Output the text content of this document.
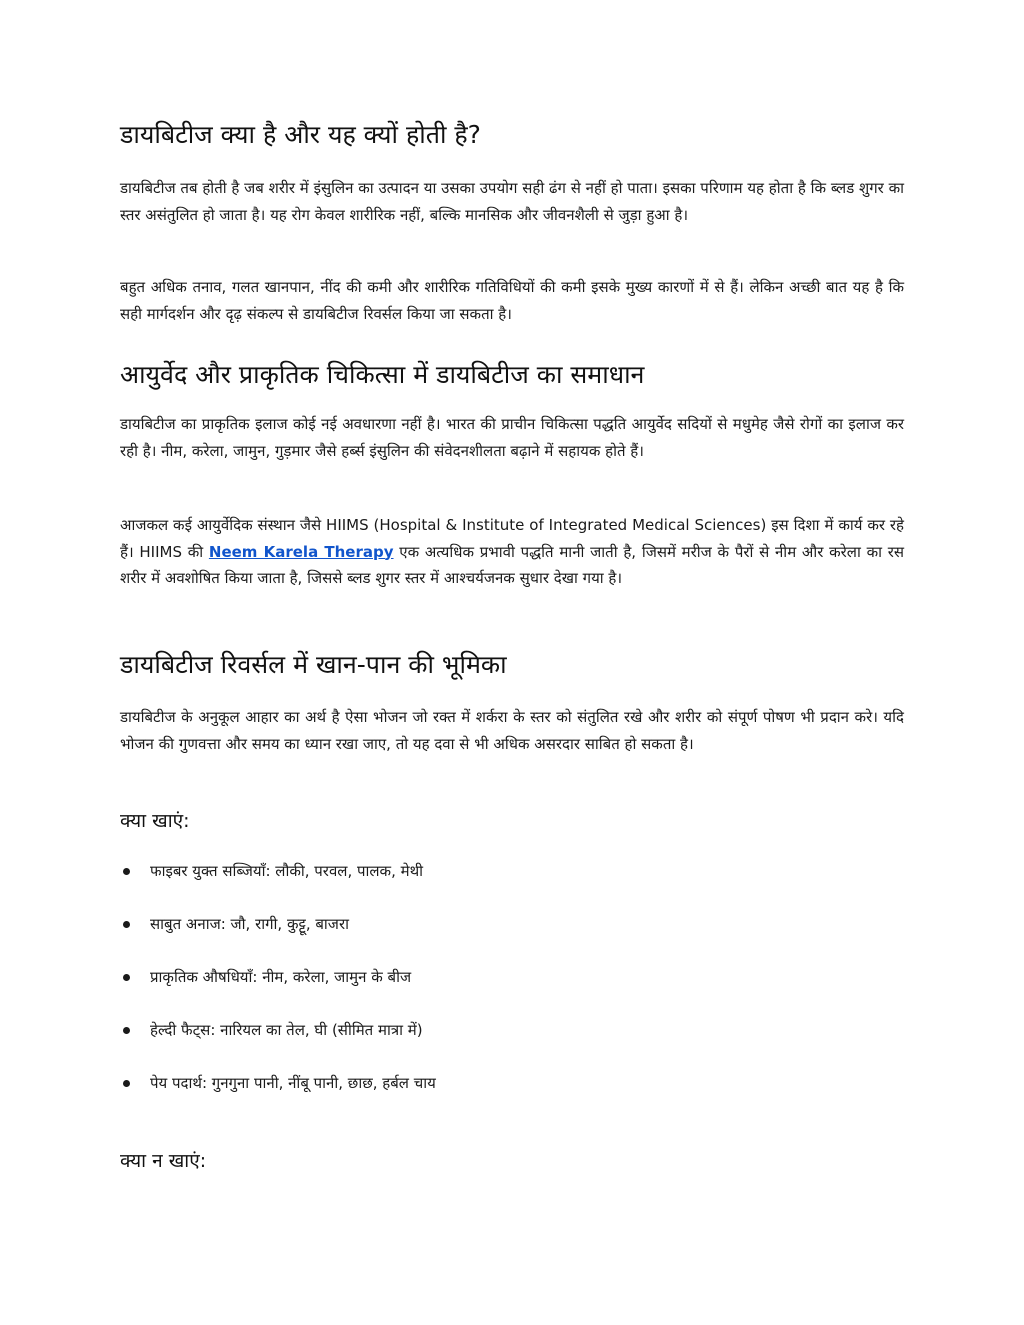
डायबिटीज क्या है और यह क्यों होती है?

डायबिटीज तब होती है जब शरीर में इंसुलिन का उत्पादन या उसका उपयोग सही ढंग से नहीं हो पाता। इसका परिणाम यह होता है कि ब्लड शुगर का स्तर असंतुलित हो जाता है। यह रोग केवल शारीरिक नहीं, बल्कि मानसिक और जीवनशैली से जुड़ा हुआ है।

बहुत अधिक तनाव, गलत खानपान, नींद की कमी और शारीरिक गतिविधियों की कमी इसके मुख्य कारणों में से हैं। लेकिन अच्छी बात यह है कि सही मार्गदर्शन और दृढ़ संकल्प से डायबिटीज रिवर्सल किया जा सकता है।

आयुर्वेद और प्राकृतिक चिकित्सा में डायबिटीज का समाधान

डायबिटीज का प्राकृतिक इलाज कोई नई अवधारणा नहीं है। भारत की प्राचीन चिकित्सा पद्धति आयुर्वेद सदियों से मधुमेह जैसे रोगों का इलाज कर रही है। नीम, करेला, जामुन, गुड़मार जैसे हर्ब्स इंसुलिन की संवेदनशीलता बढ़ाने में सहायक होते हैं।

आजकल कई आयुर्वेदिक संस्थान जैसे HIIMS (Hospital & Institute of Integrated Medical Sciences) इस दिशा में कार्य कर रहे हैं। HIIMS की Neem Karela Therapy एक अत्यधिक प्रभावी पद्धति मानी जाती है, जिसमें मरीज के पैरों से नीम और करेला का रस शरीर में अवशोषित किया जाता है, जिससे ब्लड शुगर स्तर में आश्चर्यजनक सुधार देखा गया है।

डायबिटीज रिवर्सल में खान-पान की भूमिका

डायबिटीज के अनुकूल आहार का अर्थ है ऐसा भोजन जो रक्त में शर्करा के स्तर को संतुलित रखे और शरीर को संपूर्ण पोषण भी प्रदान करे। यदि भोजन की गुणवत्ता और समय का ध्यान रखा जाए, तो यह दवा से भी अधिक असरदार साबित हो सकता है।

क्या खाएं:
फाइबर युक्त सब्जियाँ: लौकी, परवल, पालक, मेथी
साबुत अनाज: जौ, रागी, कुट्टू, बाजरा
प्राकृतिक औषधियाँ: नीम, करेला, जामुन के बीज
हेल्दी फैट्स: नारियल का तेल, घी (सीमित मात्रा में)
पेय पदार्थ: गुनगुना पानी, नींबू पानी, छाछ, हर्बल चाय
क्या न खाएं:
